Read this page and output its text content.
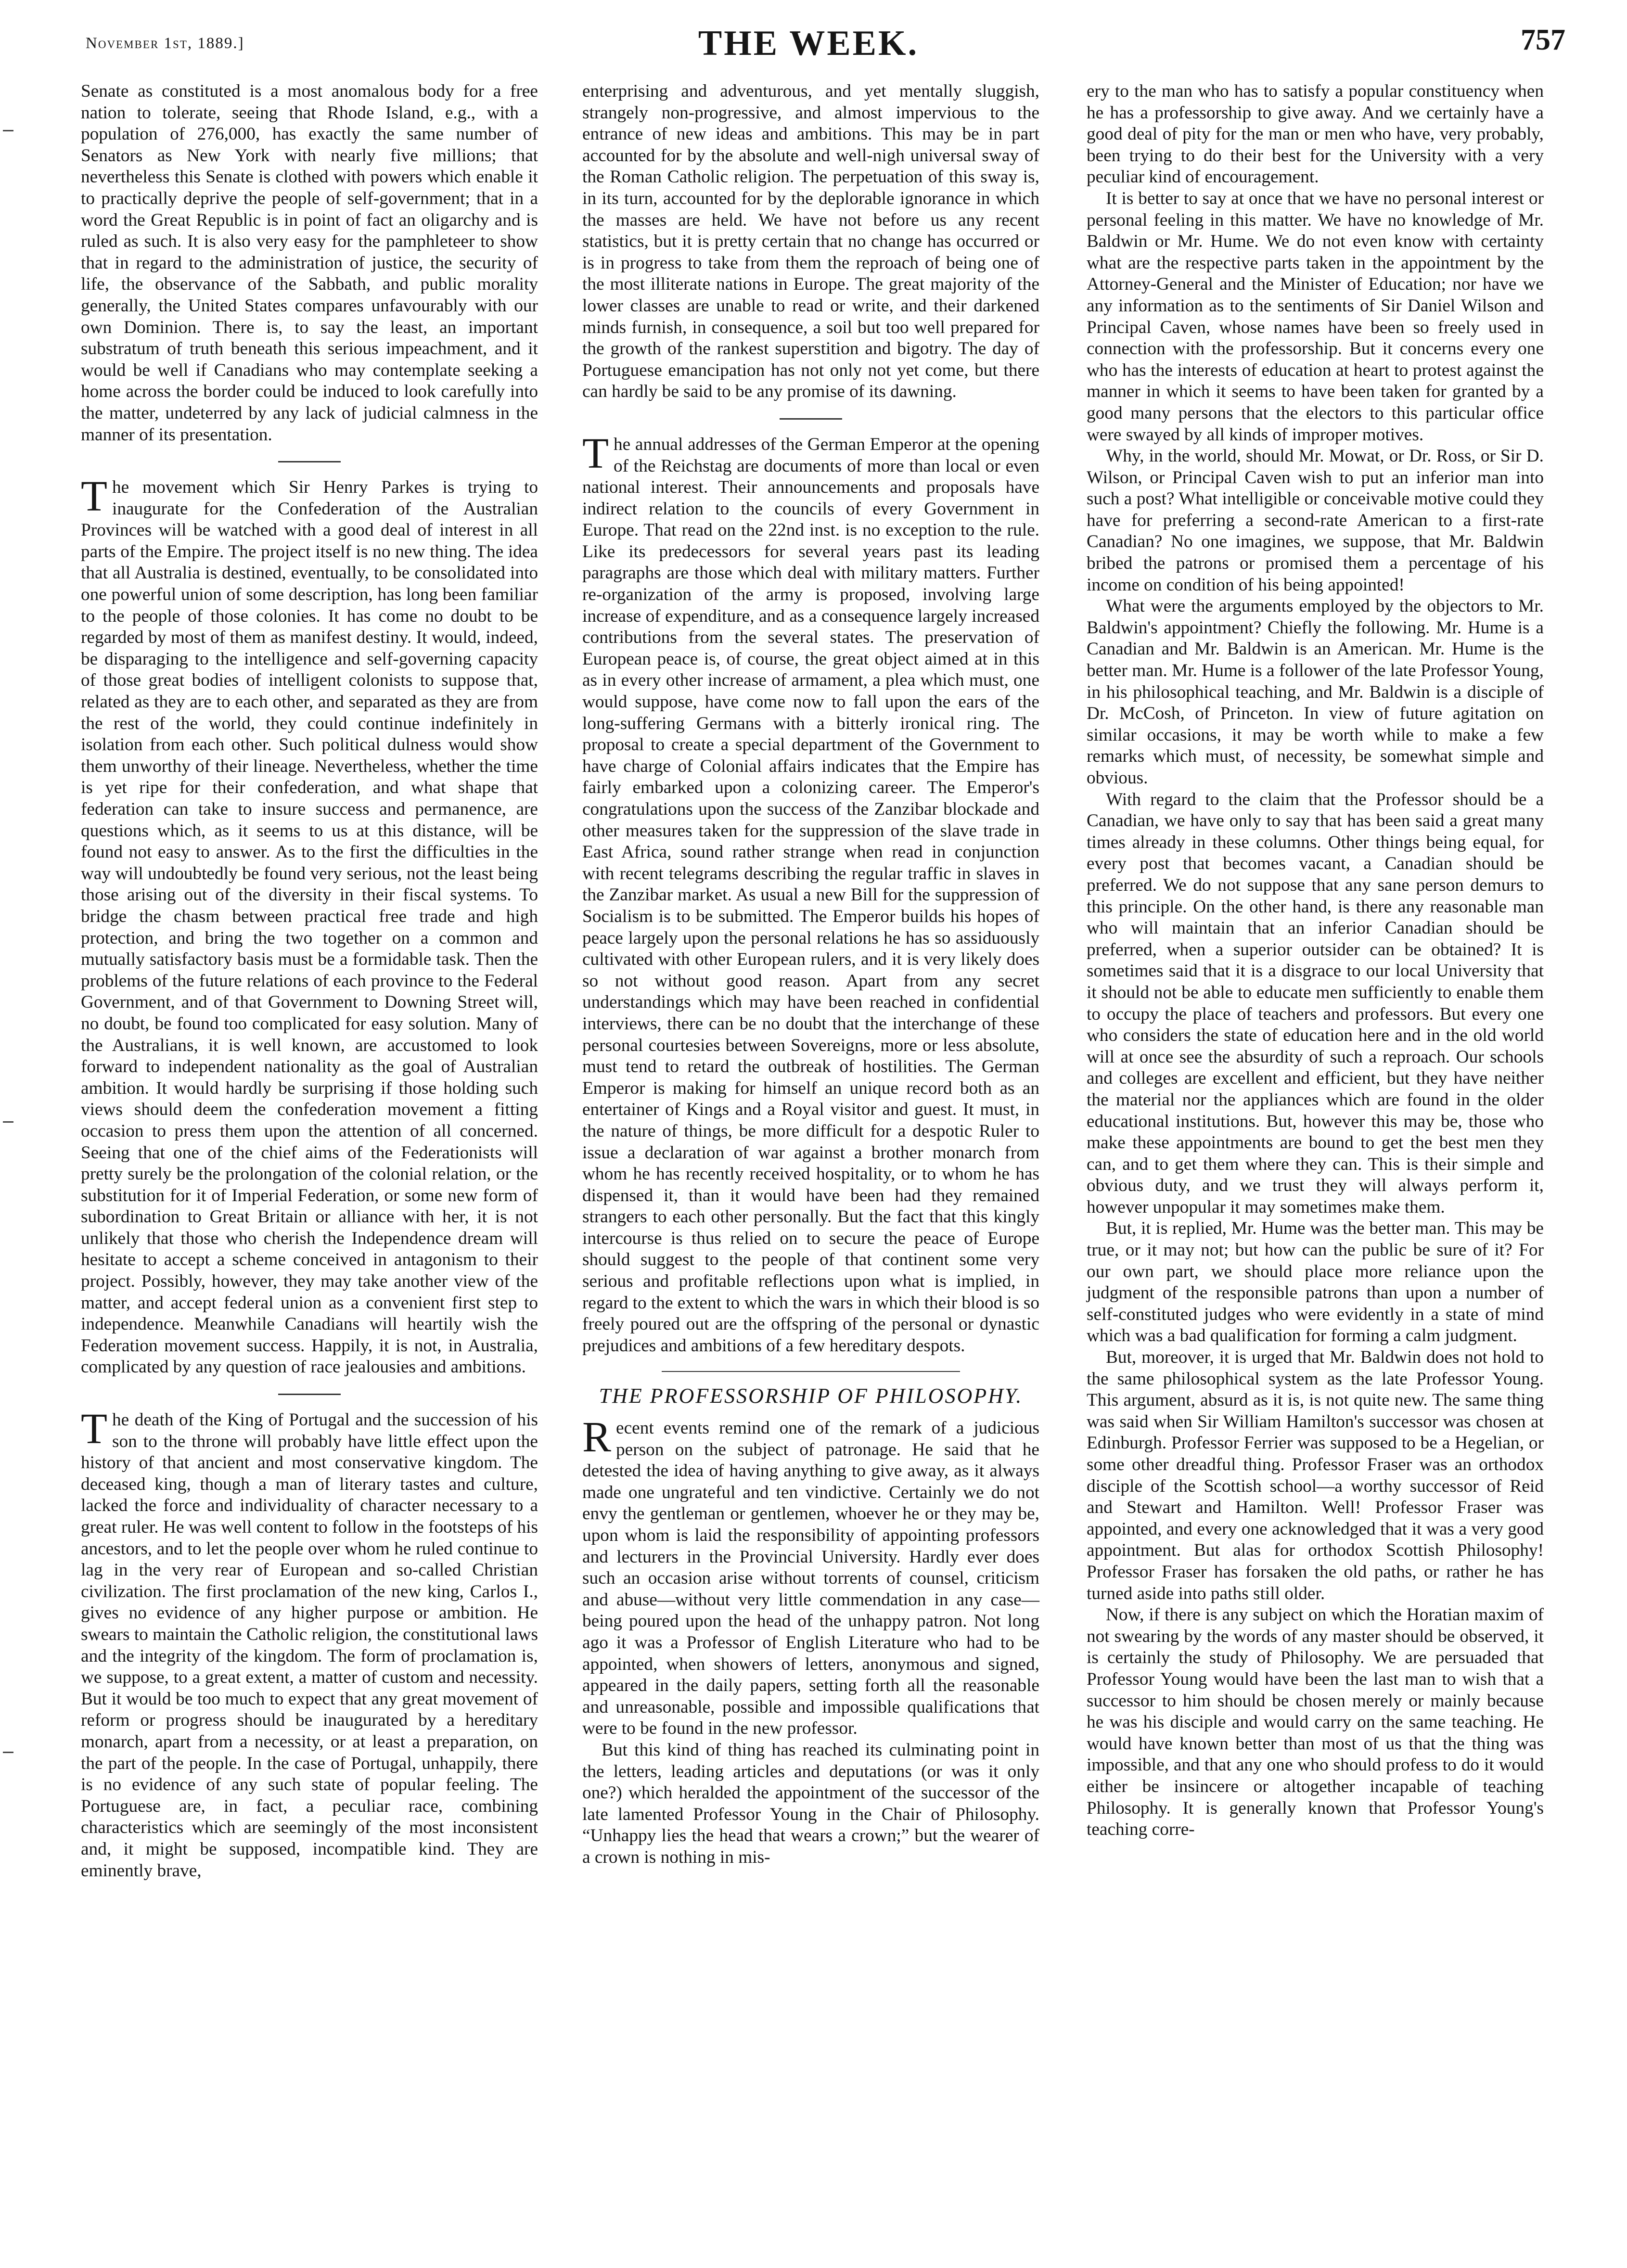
November 1st, 1889.]	THE WEEK.	757

Senate as constituted is a most anomalous body for a free nation to tolerate, seeing that Rhode Island, e.g., with a population of 276,000, has exactly the same number of Senators as New York with nearly five millions; that nevertheless this Senate is clothed with powers which enable it to practically deprive the people of self-government; that in a word the Great Republic is in point of fact an oligarchy and is ruled as such. It is also very easy for the pamphleteer to show that in regard to the administration of justice, the security of life, the observance of the Sabbath, and public morality generally, the United States compares unfavourably with our own Dominion. There is, to say the least, an important substratum of truth beneath this serious impeachment, and it would be well if Canadians who may contemplate seeking a home across the border could be induced to look carefully into the matter, undeterred by any lack of judicial calmness in the manner of its presentation.

The movement which Sir Henry Parkes is trying to inaugurate for the Confederation of the Australian Provinces will be watched with a good deal of interest in all parts of the Empire. The project itself is no new thing. The idea that all Australia is destined, eventually, to be consolidated into one powerful union of some description, has long been familiar to the people of those colonies. It has come no doubt to be regarded by most of them as manifest destiny. It would, indeed, be disparaging to the intelligence and self-governing capacity of those great bodies of intelligent colonists to suppose that, related as they are to each other, and separated as they are from the rest of the world, they could continue indefinitely in isolation from each other. Such political dulness would show them unworthy of their lineage. Nevertheless, whether the time is yet ripe for their confederation, and what shape that federation can take to insure success and permanence, are questions which, as it seems to us at this distance, will be found not easy to answer. As to the first the difficulties in the way will undoubtedly be found very serious, not the least being those arising out of the diversity in their fiscal systems. To bridge the chasm between practical free trade and high protection, and bring the two together on a common and mutually satisfactory basis must be a formidable task. Then the problems of the future relations of each province to the Federal Government, and of that Government to Downing Street will, no doubt, be found too complicated for easy solution. Many of the Australians, it is well known, are accustomed to look forward to independent nationality as the goal of Australian ambition. It would hardly be surprising if those holding such views should deem the confederation movement a fitting occasion to press them upon the attention of all concerned. Seeing that one of the chief aims of the Federationists will pretty surely be the prolongation of the colonial relation, or the substitution for it of Imperial Federation, or some new form of subordination to Great Britain or alliance with her, it is not unlikely that those who cherish the Independence dream will hesitate to accept a scheme conceived in antagonism to their project. Possibly, however, they may take another view of the matter, and accept federal union as a convenient first step to independence. Meanwhile Canadians will heartily wish the Federation movement success. Happily, it is not, in Australia, complicated by any question of race jealousies and ambitions.

The death of the King of Portugal and the succession of his son to the throne will probably have little effect upon the history of that ancient and most conservative kingdom. The deceased king, though a man of literary tastes and culture, lacked the force and individuality of character necessary to a great ruler. He was well content to follow in the footsteps of his ancestors, and to let the people over whom he ruled continue to lag in the very rear of European and so-called Christian civilization. The first proclamation of the new king, Carlos I., gives no evidence of any higher purpose or ambition. He swears to maintain the Catholic religion, the constitutional laws and the integrity of the kingdom. The form of proclamation is, we suppose, to a great extent, a matter of custom and necessity. But it would be too much to expect that any great movement of reform or progress should be inaugurated by a hereditary monarch, apart from a necessity, or at least a preparation, on the part of the people. In the case of Portugal, unhappily, there is no evidence of any such state of popular feeling. The Portuguese are, in fact, a peculiar race, combining characteristics which are seemingly of the most inconsistent and, it might be supposed, incompatible kind. They are eminently brave,

enterprising and adventurous, and yet mentally sluggish, strangely non-progressive, and almost impervious to the entrance of new ideas and ambitions. This may be in part accounted for by the absolute and well-nigh universal sway of the Roman Catholic religion. The perpetuation of this sway is, in its turn, accounted for by the deplorable ignorance in which the masses are held. We have not before us any recent statistics, but it is pretty certain that no change has occurred or is in progress to take from them the reproach of being one of the most illiterate nations in Europe. The great majority of the lower classes are unable to read or write, and their darkened minds furnish, in consequence, a soil but too well prepared for the growth of the rankest superstition and bigotry. The day of Portuguese emancipation has not only not yet come, but there can hardly be said to be any promise of its dawning.

The annual addresses of the German Emperor at the opening of the Reichstag are documents of more than local or even national interest. Their announcements and proposals have indirect relation to the councils of every Government in Europe. That read on the 22nd inst. is no exception to the rule. Like its predecessors for several years past its leading paragraphs are those which deal with military matters. Further re-organization of the army is proposed, involving large increase of expenditure, and as a consequence largely increased contributions from the several states. The preservation of European peace is, of course, the great object aimed at in this as in every other increase of armament, a plea which must, one would suppose, have come now to fall upon the ears of the long-suffering Germans with a bitterly ironical ring. The proposal to create a special department of the Government to have charge of Colonial affairs indicates that the Empire has fairly embarked upon a colonizing career. The Emperor's congratulations upon the success of the Zanzibar blockade and other measures taken for the suppression of the slave trade in East Africa, sound rather strange when read in conjunction with recent telegrams describing the regular traffic in slaves in the Zanzibar market. As usual a new Bill for the suppression of Socialism is to be submitted. The Emperor builds his hopes of peace largely upon the personal relations he has so assiduously cultivated with other European rulers, and it is very likely does so not without good reason. Apart from any secret understandings which may have been reached in confidential interviews, there can be no doubt that the interchange of these personal courtesies between Sovereigns, more or less absolute, must tend to retard the outbreak of hostilities. The German Emperor is making for himself an unique record both as an entertainer of Kings and a Royal visitor and guest. It must, in the nature of things, be more difficult for a despotic Ruler to issue a declaration of war against a brother monarch from whom he has recently received hospitality, or to whom he has dispensed it, than it would have been had they remained strangers to each other personally. But the fact that this kingly intercourse is thus relied on to secure the peace of Europe should suggest to the people of that continent some very serious and profitable reflections upon what is implied, in regard to the extent to which the wars in which their blood is so freely poured out are the offspring of the personal or dynastic prejudices and ambitions of a few hereditary despots.

THE PROFESSORSHIP OF PHILOSOPHY.

Recent events remind one of the remark of a judicious person on the subject of patronage. He said that he detested the idea of having anything to give away, as it always made one ungrateful and ten vindictive. Certainly we do not envy the gentleman or gentlemen, whoever he or they may be, upon whom is laid the responsibility of appointing professors and lecturers in the Provincial University. Hardly ever does such an occasion arise without torrents of counsel, criticism and abuse—without very little commendation in any case—being poured upon the head of the unhappy patron. Not long ago it was a Professor of English Literature who had to be appointed, when showers of letters, anonymous and signed, appeared in the daily papers, setting forth all the reasonable and unreasonable, possible and impossible qualifications that were to be found in the new professor.

But this kind of thing has reached its culminating point in the letters, leading articles and deputations (or was it only one?) which heralded the appointment of the successor of the late lamented Professor Young in the Chair of Philosophy. “Unhappy lies the head that wears a crown;” but the wearer of a crown is nothing in mis-

ery to the man who has to satisfy a popular constituency when he has a professorship to give away. And we certainly have a good deal of pity for the man or men who have, very probably, been trying to do their best for the University with a very peculiar kind of encouragement.

It is better to say at once that we have no personal interest or personal feeling in this matter. We have no knowledge of Mr. Baldwin or Mr. Hume. We do not even know with certainty what are the respective parts taken in the appointment by the Attorney-General and the Minister of Education; nor have we any information as to the sentiments of Sir Daniel Wilson and Principal Caven, whose names have been so freely used in connection with the professorship. But it concerns every one who has the interests of education at heart to protest against the manner in which it seems to have been taken for granted by a good many persons that the electors to this particular office were swayed by all kinds of improper motives.

Why, in the world, should Mr. Mowat, or Dr. Ross, or Sir D. Wilson, or Principal Caven wish to put an inferior man into such a post? What intelligible or conceivable motive could they have for preferring a second-rate American to a first-rate Canadian? No one imagines, we suppose, that Mr. Baldwin bribed the patrons or promised them a percentage of his income on condition of his being appointed!

What were the arguments employed by the objectors to Mr. Baldwin's appointment? Chiefly the following. Mr. Hume is a Canadian and Mr. Baldwin is an American. Mr. Hume is the better man. Mr. Hume is a follower of the late Professor Young, in his philosophical teaching, and Mr. Baldwin is a disciple of Dr. McCosh, of Princeton. In view of future agitation on similar occasions, it may be worth while to make a few remarks which must, of necessity, be somewhat simple and obvious.

With regard to the claim that the Professor should be a Canadian, we have only to say that has been said a great many times already in these columns. Other things being equal, for every post that becomes vacant, a Canadian should be preferred. We do not suppose that any sane person demurs to this principle. On the other hand, is there any reasonable man who will maintain that an inferior Canadian should be preferred, when a superior outsider can be obtained? It is sometimes said that it is a disgrace to our local University that it should not be able to educate men sufficiently to enable them to occupy the place of teachers and professors. But every one who considers the state of education here and in the old world will at once see the absurdity of such a reproach. Our schools and colleges are excellent and efficient, but they have neither the material nor the appliances which are found in the older educational institutions. But, however this may be, those who make these appointments are bound to get the best men they can, and to get them where they can. This is their simple and obvious duty, and we trust they will always perform it, however unpopular it may sometimes make them.

But, it is replied, Mr. Hume was the better man. This may be true, or it may not; but how can the public be sure of it? For our own part, we should place more reliance upon the judgment of the responsible patrons than upon a number of self-constituted judges who were evidently in a state of mind which was a bad qualification for forming a calm judgment.

But, moreover, it is urged that Mr. Baldwin does not hold to the same philosophical system as the late Professor Young. This argument, absurd as it is, is not quite new. The same thing was said when Sir William Hamilton's successor was chosen at Edinburgh. Professor Ferrier was supposed to be a Hegelian, or some other dreadful thing. Professor Fraser was an orthodox disciple of the Scottish school—a worthy successor of Reid and Stewart and Hamilton. Well! Professor Fraser was appointed, and every one acknowledged that it was a very good appointment. But alas for orthodox Scottish Philosophy! Professor Fraser has forsaken the old paths, or rather he has turned aside into paths still older.

Now, if there is any subject on which the Horatian maxim of not swearing by the words of any master should be observed, it is certainly the study of Philosophy. We are persuaded that Professor Young would have been the last man to wish that a successor to him should be chosen merely or mainly because he was his disciple and would carry on the same teaching. He would have known better than most of us that the thing was impossible, and that any one who should profess to do it would either be insincere or altogether incapable of teaching Philosophy. It is generally known that Professor Young's teaching corre-
